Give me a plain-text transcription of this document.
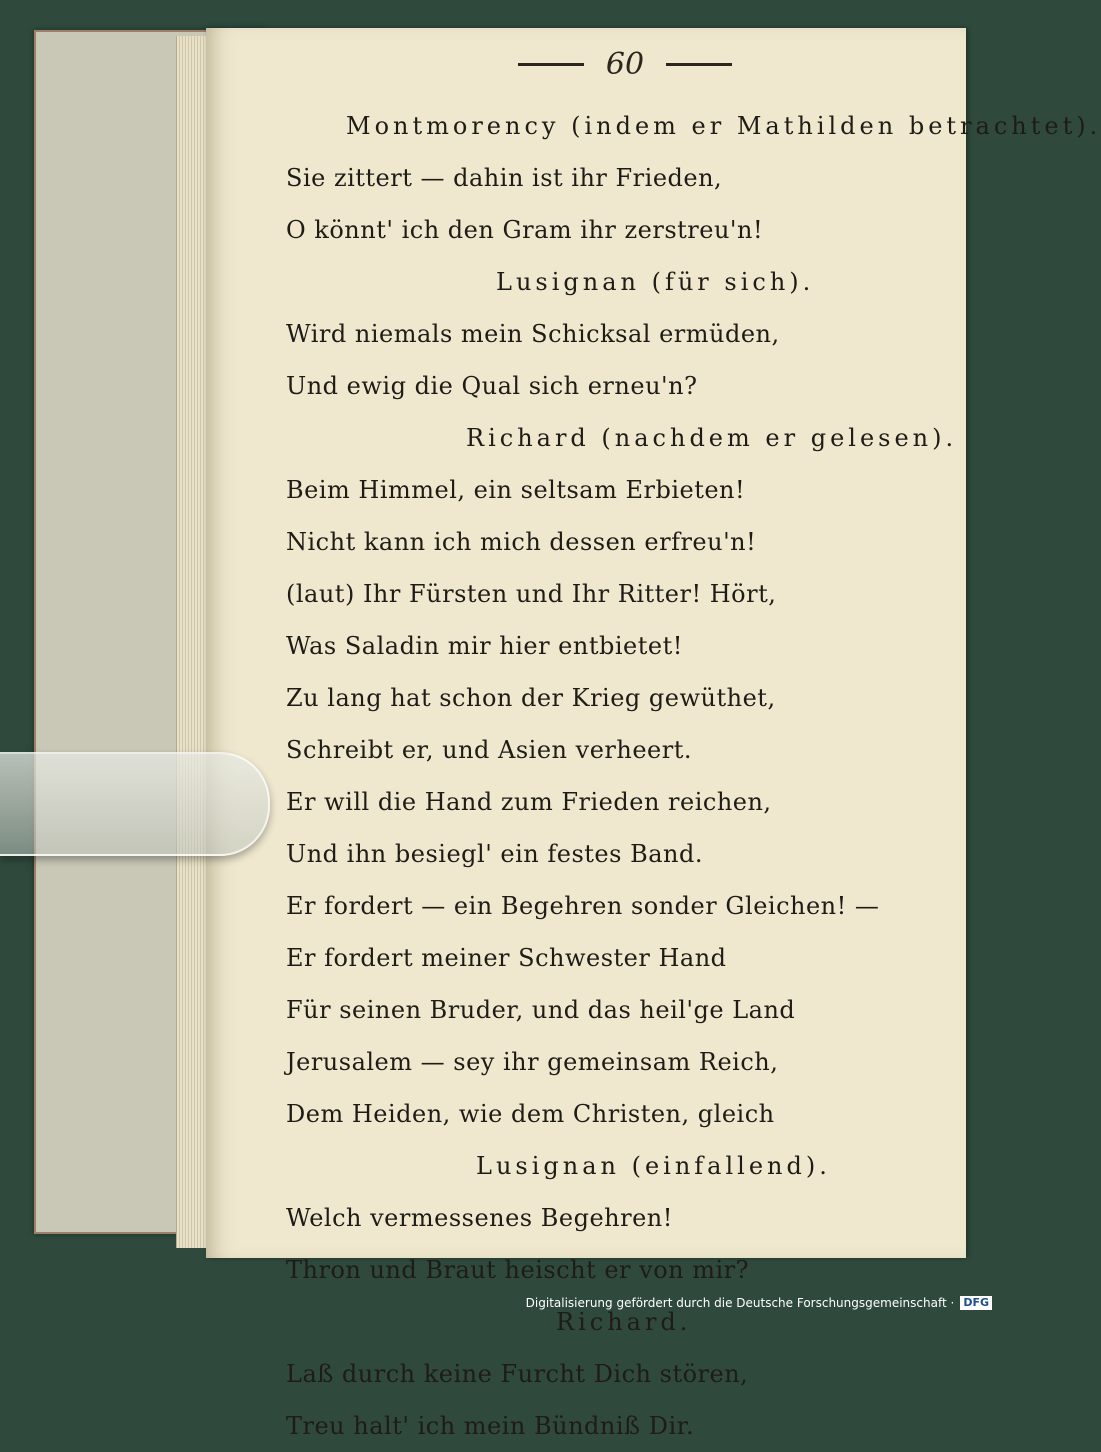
60
Montmorency (indem er Mathilden betrachtet).
Sie zittert — dahin ist ihr Frieden,
O könnt' ich den Gram ihr zerstreu'n!
Lusignan (für sich).
Wird niemals mein Schicksal ermüden,
Und ewig die Qual sich erneu'n?
Richard (nachdem er gelesen).
Beim Himmel, ein seltsam Erbieten!
Nicht kann ich mich dessen erfreu'n!
(laut) Ihr Fürsten und Ihr Ritter! Hört,
Was Saladin mir hier entbietet!
Zu lang hat schon der Krieg gewüthet,
Schreibt er, und Asien verheert.
Er will die Hand zum Frieden reichen,
Und ihn besiegl' ein festes Band.
Er fordert — ein Begehren sonder Gleichen! —
Er fordert meiner Schwester Hand
Für seinen Bruder, und das heil'ge Land
Jerusalem — sey ihr gemeinsam Reich,
Dem Heiden, wie dem Christen, gleich
Lusignan (einfallend).
Welch vermessenes Begehren!
Thron und Braut heischt er von mir?
Richard.
Laß durch keine Furcht Dich stören,
Treu halt' ich mein Bündniß Dir.
Digitalisierung gefördert durch die Deutsche Forschungsgemeinschaft · DFG
